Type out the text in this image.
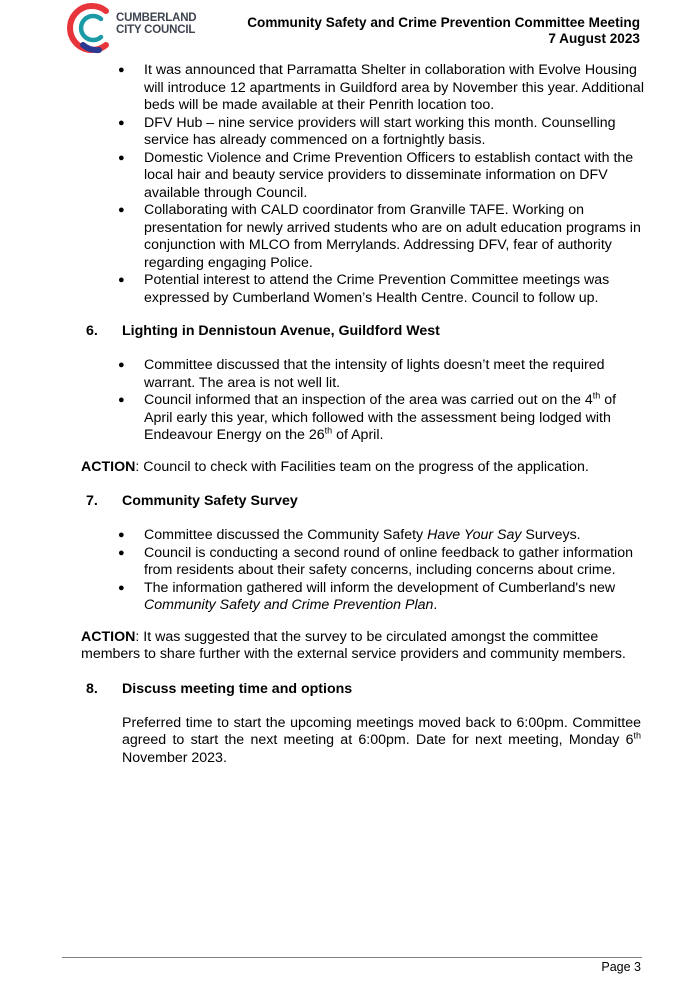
CUMBERLAND
CITY COUNCIL	Community Safety and Crime Prevention Committee Meeting
7 August 2023
● It was announced that Parramatta Shelter in collaboration with Evolve Housing will introduce 12 apartments in Guildford area by November this year. Additional beds will be made available at their Penrith location too.
● DFV Hub – nine service providers will start working this month. Counselling service has already commenced on a fortnightly basis.
● Domestic Violence and Crime Prevention Officers to establish contact with the local hair and beauty service providers to disseminate information on DFV available through Council.
● Collaborating with CALD coordinator from Granville TAFE. Working on presentation for newly arrived students who are on adult education programs in conjunction with MLCO from Merrylands. Addressing DFV, fear of authority regarding engaging Police.
● Potential interest to attend the Crime Prevention Committee meetings was expressed by Cumberland Women’s Health Centre. Council to follow up.
6. Lighting in Dennistoun Avenue, Guildford West
● Committee discussed that the intensity of lights doesn’t meet the required warrant. The area is not well lit.
● Council informed that an inspection of the area was carried out on the 4th of April early this year, which followed with the assessment being lodged with Endeavour Energy on the 26th of April.
ACTION: Council to check with Facilities team on the progress of the application.
7. Community Safety Survey
● Committee discussed the Community Safety Have Your Say Surveys.
● Council is conducting a second round of online feedback to gather information from residents about their safety concerns, including concerns about crime.
● The information gathered will inform the development of Cumberland's new Community Safety and Crime Prevention Plan.
ACTION: It was suggested that the survey to be circulated amongst the committee members to share further with the external service providers and community members.
8. Discuss meeting time and options
Preferred time to start the upcoming meetings moved back to 6:00pm. Committee agreed to start the next meeting at 6:00pm. Date for next meeting, Monday 6th November 2023.
Page 3
